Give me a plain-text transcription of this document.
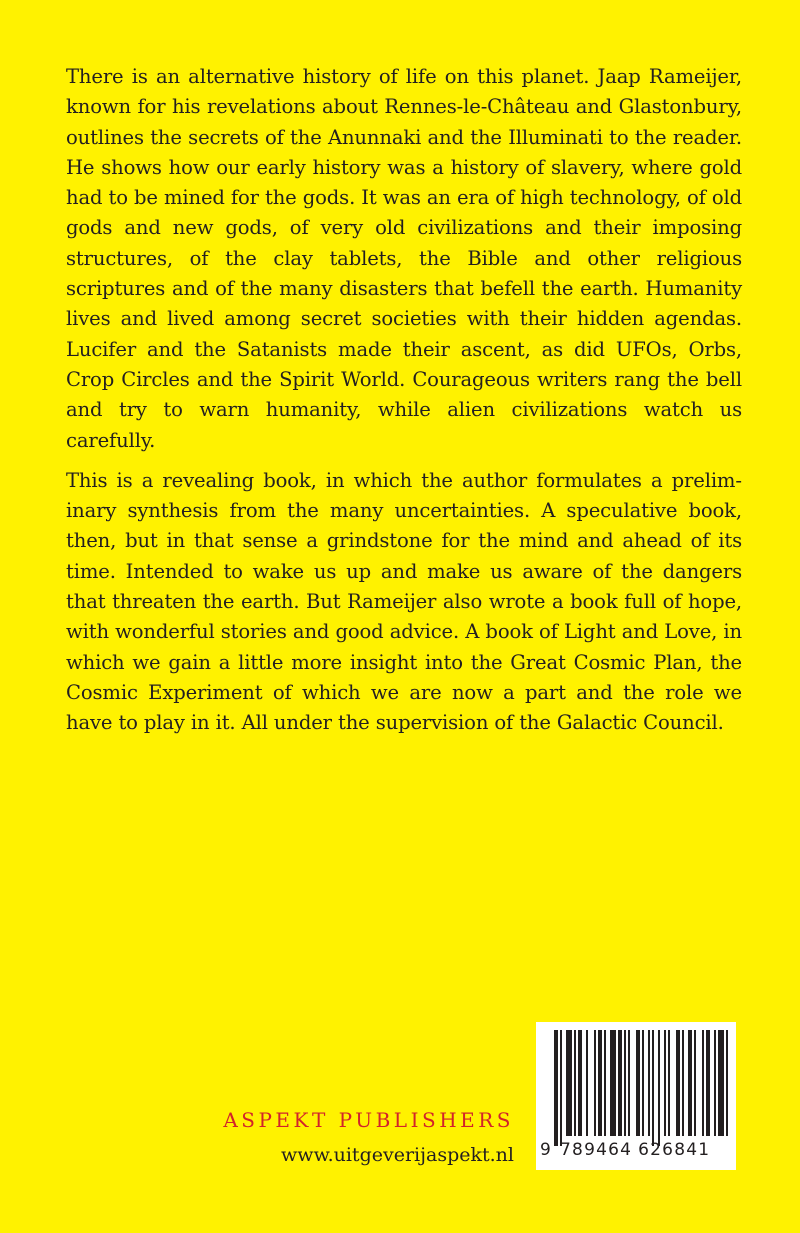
There is an alternative history of life on this planet. Jaap Rameijer, known for his revelations about Rennes-le-Château and Glastonbury, outlines the secrets of the Anunnaki and the Illuminati to the reader. He shows how our early history was a history of slavery, where gold had to be mined for the gods. It was an era of high technology, of old gods and new gods, of very old civilizations and their imposing structures, of the clay tablets, the Bible and other religious scriptures and of the many disasters that befell the earth. Humanity lives and lived among secret societies with their hidden agendas. Lucifer and the Satanists made their ascent, as did UFOs, Orbs, Crop Circles and the Spirit World. Courageous writers rang the bell and try to warn humanity, while alien civilizations watch us carefully.

This is a revealing book, in which the author formulates a preliminary synthesis from the many uncertainties. A speculative book, then, but in that sense a grindstone for the mind and ahead of its time. Intended to wake us up and make us aware of the dangers that threaten the earth. But Rameijer also wrote a book full of hope, with wonderful stories and good advice. A book of Light and Love, in which we gain a little more insight into the Great Cosmic Plan, the Cosmic Experiment of which we are now a part and the role we have to play in it. All under the supervision of the Galactic Council.

ASPEKT PUBLISHERS
www.uitgeverijaspekt.nl 9 789464 626841
